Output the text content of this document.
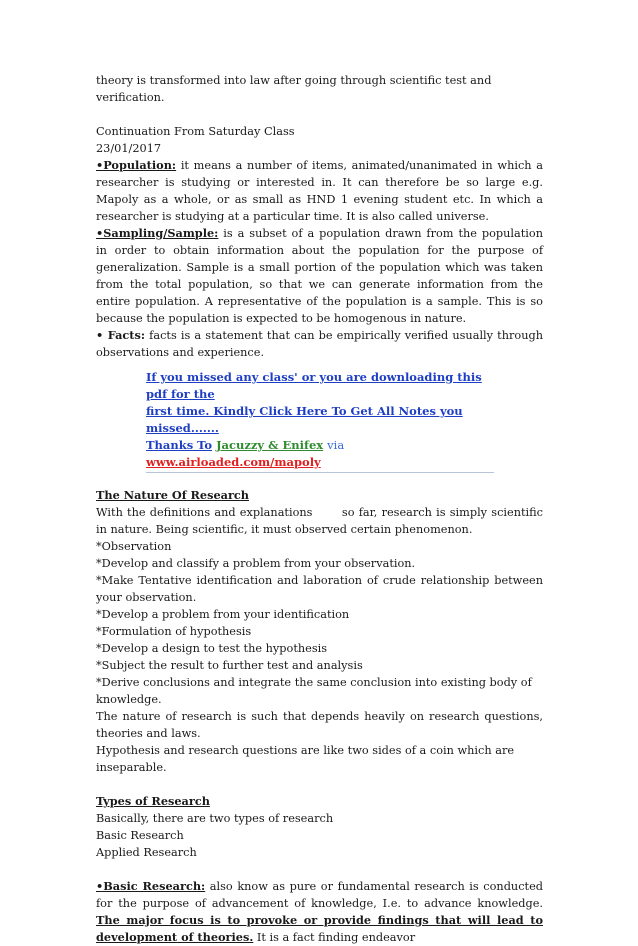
theory is transformed into law after going through scientific test and verification.

Continuation From Saturday Class

23/01/2017

•Population: it means a number of items, animated/unanimated in which a researcher is studying or interested in. It can therefore be so large e.g. Mapoly as a whole, or as small as HND 1 evening student etc. In which a researcher is studying at a particular time. It is also called universe.

•Sampling/Sample: is a subset of a population drawn from the population in order to obtain information about the population for the purpose of generalization. Sample is a small portion of the population which was taken from the total population, so that we can generate information from the entire population. A representative of the population is a sample. This is so because the population is expected to be homogenous in nature.

• Facts: facts is a statement that can be empirically verified usually through observations and experience.

If you missed any class' or you are downloading this pdf for the
first time. Kindly Click Here To Get All Notes you missed.......
Thanks To Jacuzzy & Enifex via www.airloaded.com/mapoly

The Nature Of Research

With the definitions and explanations       so far, research is simply scientific in nature. Being scientific, it must observed certain phenomenon.

*Observation

*Develop and classify a problem from your observation.

*Make Tentative identification and laboration of crude relationship between your observation.

*Develop a problem from your identification

*Formulation of hypothesis

*Develop a design to test the hypothesis

*Subject the result to further test and analysis

*Derive conclusions and integrate the same conclusion into existing body of knowledge.

The nature of research is such that depends heavily on research questions, theories and laws.

Hypothesis and research questions are like two sides of a coin which are inseparable.

Types of Research

Basically, there are two types of research

Basic Research

Applied Research

•Basic Research: also know as pure or fundamental research is conducted for the purpose of advancement of knowledge, I.e. to advance knowledge. The major focus is to provoke or provide findings that will lead to development of theories. It is a fact finding endeavor
